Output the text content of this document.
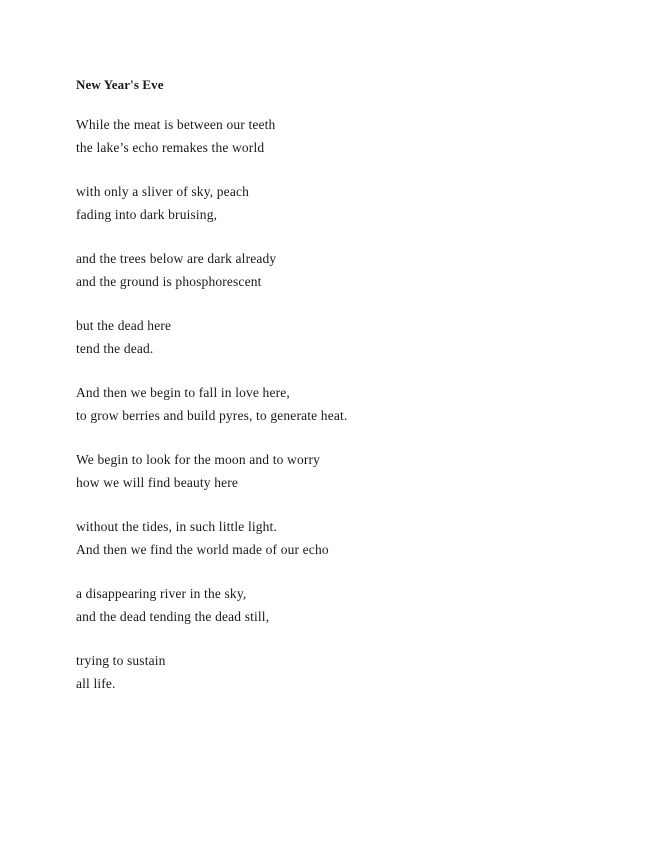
New Year's Eve
While the meat is between our teeth
the lake’s echo remakes the world
with only a sliver of sky, peach
fading into dark bruising,
and the trees below are dark already
and the ground is phosphorescent
but the dead here
tend the dead.
And then we begin to fall in love here,
to grow berries and build pyres, to generate heat.
We begin to look for the moon and to worry
how we will find beauty here
without the tides, in such little light.
And then we find the world made of our echo
a disappearing river in the sky,
and the dead tending the dead still,
trying to sustain
all life.
